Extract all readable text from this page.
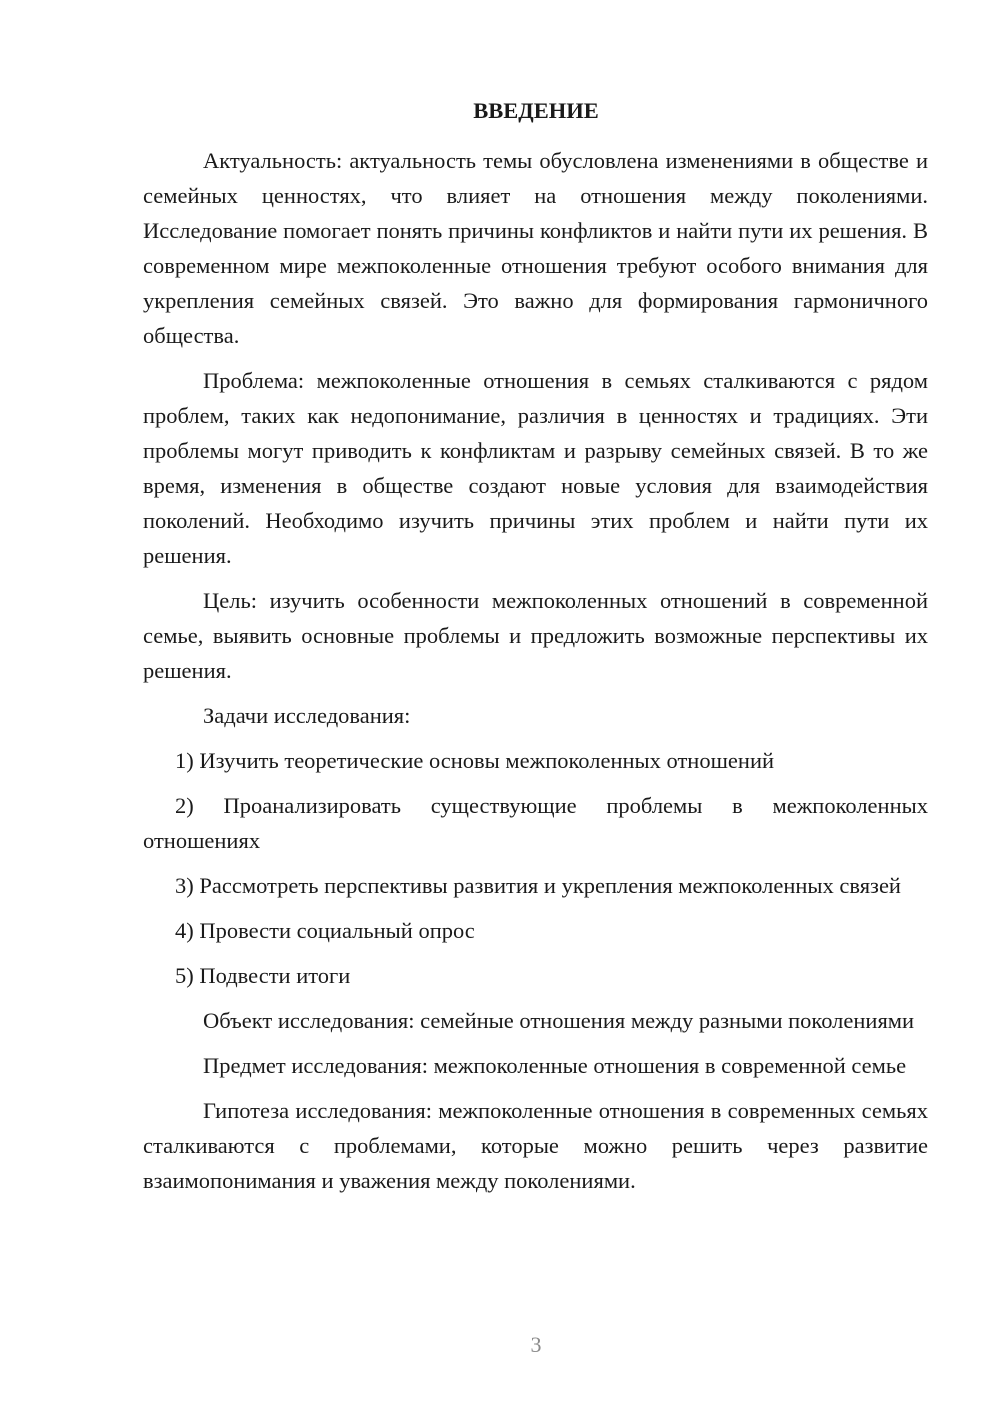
ВВЕДЕНИЕ

Актуальность: актуальность темы обусловлена изменениями в обществе и семейных ценностях, что влияет на отношения между поколениями. Исследование помогает понять причины конфликтов и найти пути их решения. В современном мире межпоколенные отношения требуют особого внимания для укрепления семейных связей. Это важно для формирования гармоничного общества.

Проблема: межпоколенные отношения в семьях сталкиваются с рядом проблем, таких как недопонимание, различия в ценностях и традициях. Эти проблемы могут приводить к конфликтам и разрыву семейных связей. В то же время, изменения в обществе создают новые условия для взаимодействия поколений. Необходимо изучить причины этих проблем и найти пути их решения.

Цель: изучить особенности межпоколенных отношений в современной семье, выявить основные проблемы и предложить возможные перспективы их решения.

Задачи исследования:

1) Изучить теоретические основы межпоколенных отношений

2) Проанализировать существующие проблемы в межпоколенных отношениях

3) Рассмотреть перспективы развития и укрепления межпоколенных связей

4) Провести социальный опрос

5) Подвести итоги

Объект исследования: семейные отношения между разными поколениями

Предмет исследования: межпоколенные отношения в современной семье

Гипотеза исследования: межпоколенные отношения в современных семьях сталкиваются с проблемами, которые можно решить через развитие взаимопонимания и уважения между поколениями.

3
